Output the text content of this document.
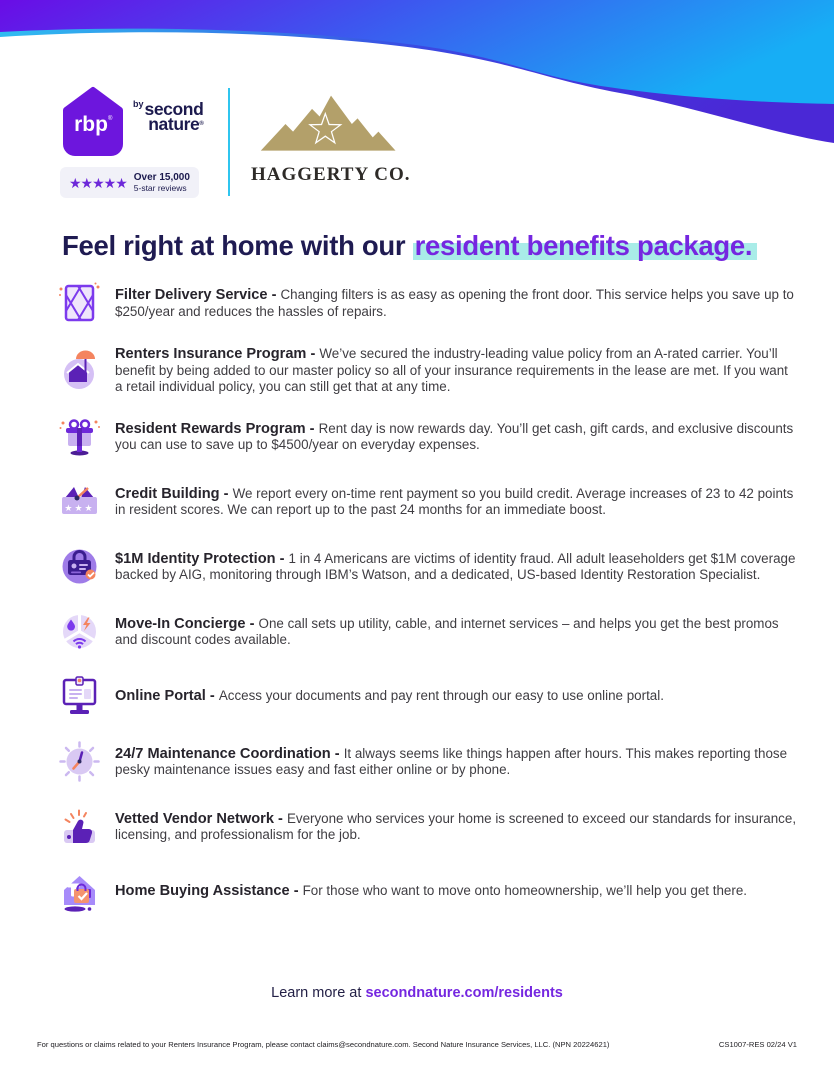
rbp ®
$^{by}$second
nature®
★★★★★ Over 15,000
5-star reviews
HAGGERTY CO.
Feel right at home with our resident benefits package.

Filter Delivery Service - Changing filters is as easy as opening the front door. This service helps you save up to $250/year and reduces the hassles of repairs.

Renters Insurance Program - We’ve secured the industry-leading value policy from an A-rated carrier. You’ll benefit by being added to our master policy so all of your insurance requirements in the lease are met. If you want a retail individual policy, you can still get that at any time.

Resident Rewards Program - Rent day is now rewards day. You’ll get cash, gift cards, and exclusive discounts you can use to save up to $4500/year on everyday expenses.

★★★

Credit Building - We report every on-time rent payment so you build credit. Average increases of 23 to 42 points in resident scores. We can report up to the past 24 months for an immediate boost.

$1M Identity Protection - 1 in 4 Americans are victims of identity fraud. All adult leaseholders get $1M coverage backed by AIG, monitoring through IBM’s Watson, and a dedicated, US-based Identity Restoration Specialist.

Move-In Concierge - One call sets up utility, cable, and internet services – and helps you get the best promos and discount codes available.

Online Portal - Access your documents and pay rent through our easy to use online portal.

24/7 Maintenance Coordination - It always seems like things happen after hours. This makes reporting those pesky maintenance issues easy and fast either online or by phone.

Vetted Vendor Network - Everyone who services your home is screened to exceed our standards for insurance, licensing, and professionalism for the job.

Home Buying Assistance - For those who want to move onto homeownership, we’ll help you get there.

Learn more at secondnature.com/residents
For questions or claims related to your Renters Insurance Program, please contact claims@secondnature.com. Second Nature Insurance Services, LLC. (NPN 20224621)	CS1007-RES 02/24 V1
